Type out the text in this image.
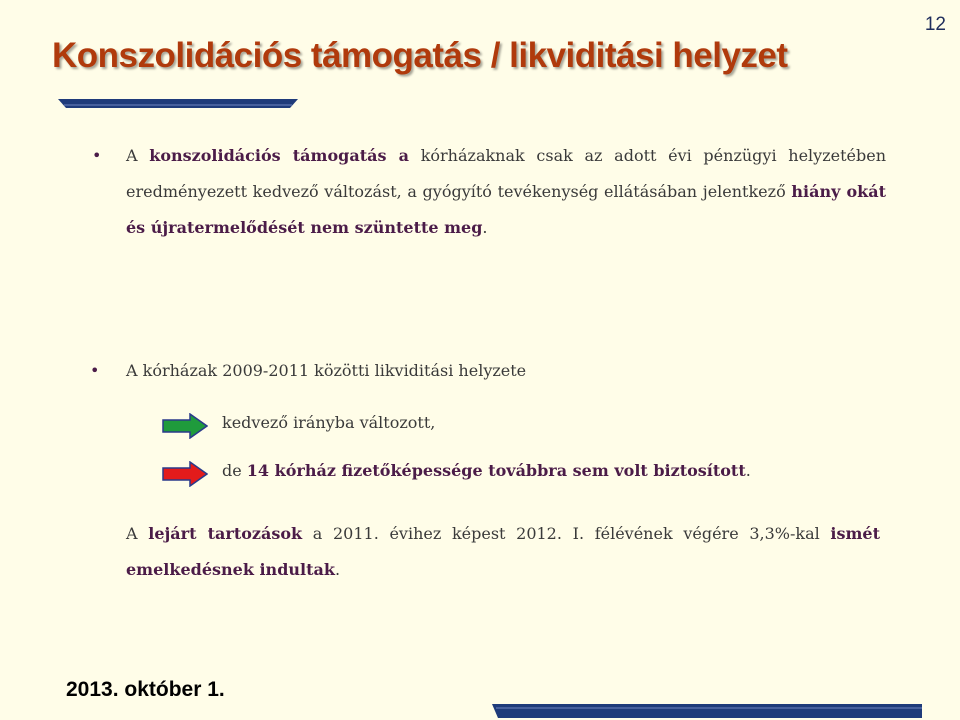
12
Konszolidációs támogatás / likviditási helyzet
• A konszolidációs támogatás a kórházaknak csak az adott évi pénzügyi helyzetében eredményezett kedvező változást, a gyógyító tevékenység ellátásában jelentkező hiány okát és újratermelődését nem szüntette meg.
• A kórházak 2009-2011 közötti likviditási helyzete
kedvező irányba változott,
de 14 kórház fizetőképessége továbbra sem volt biztosított.
A lejárt tartozások a 2011. évihez képest 2012. I. félévének végére 3,3%-kal ismét emelkedésnek indultak.
2013. október 1.
